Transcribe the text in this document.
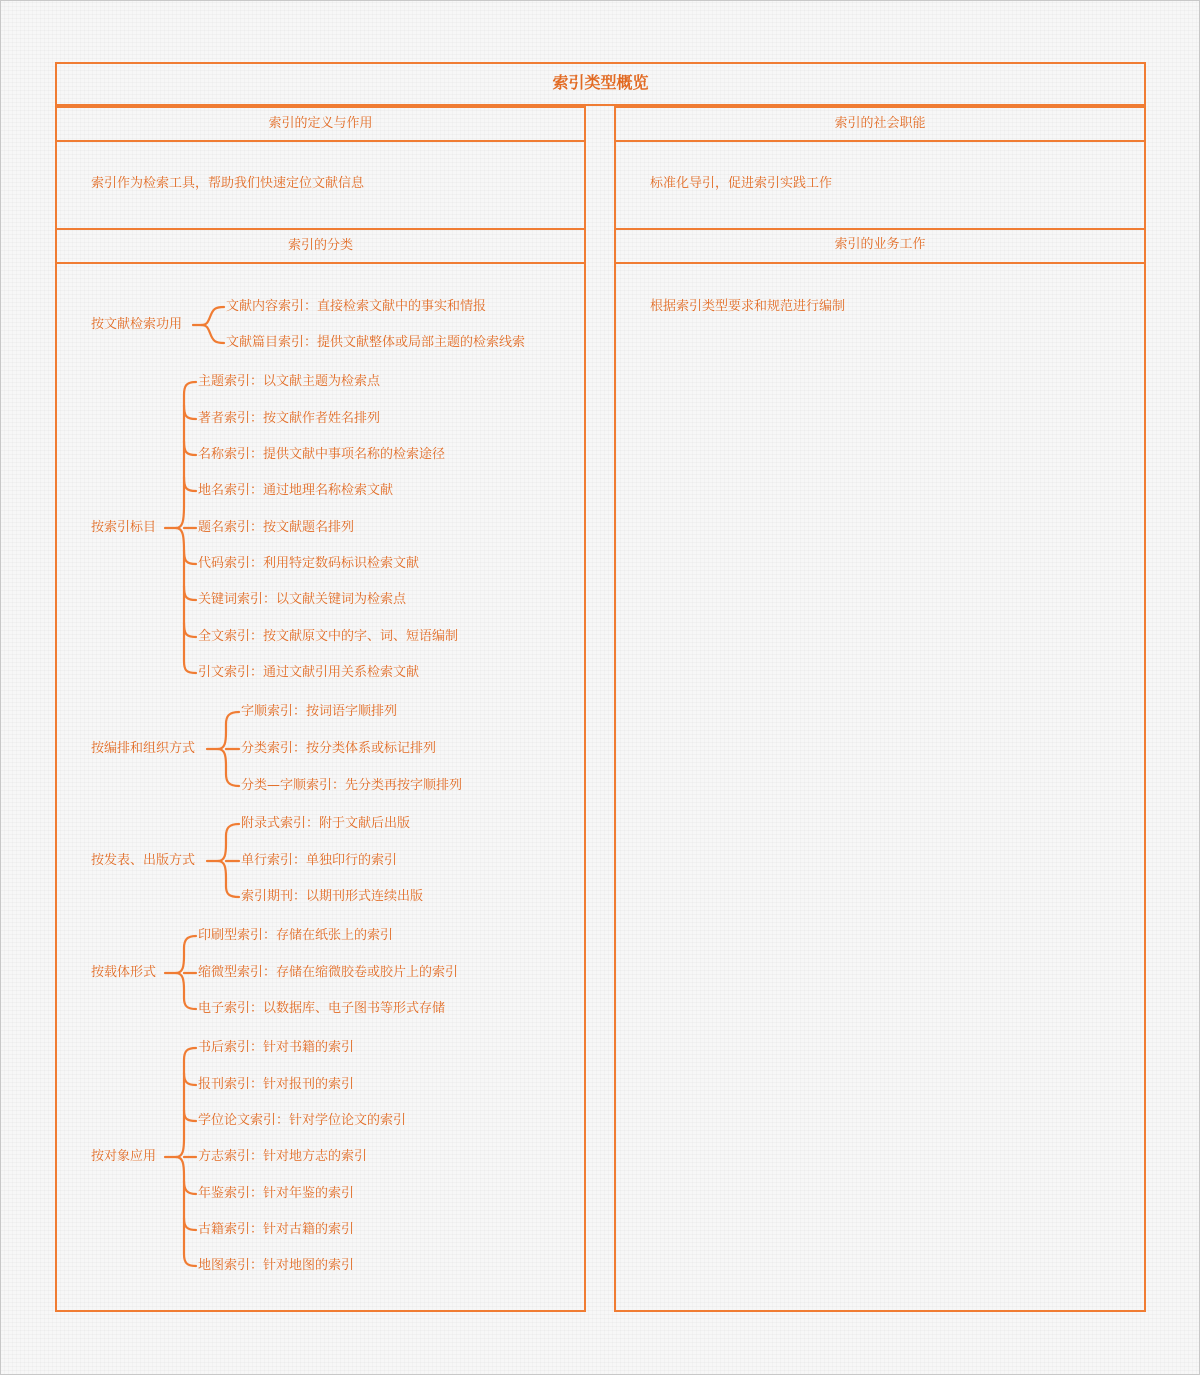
索引类型概览
索引的定义与作用	索引的社会职能
索引的分类	索引的业务工作
索引作为检索工具，帮助我们快速定位文献信息	标准化导引，促进索引实践工作
根据索引类型要求和规范进行编制
按文献检索功用
文献内容索引：直接检索文献中的事实和情报
文献篇目索引：提供文献整体或局部主题的检索线索
按索引标目
主题索引：以文献主题为检索点
著者索引：按文献作者姓名排列
名称索引：提供文献中事项名称的检索途径
地名索引：通过地理名称检索文献
题名索引：按文献题名排列
代码索引：利用特定数码标识检索文献
关键词索引：以文献关键词为检索点
全文索引：按文献原文中的字、词、短语编制
引文索引：通过文献引用关系检索文献
按编排和组织方式
字顺索引：按词语字顺排列
分类索引：按分类体系或标记排列
分类—字顺索引：先分类再按字顺排列
按发表、出版方式
附录式索引：附于文献后出版
单行索引：单独印行的索引
索引期刊：以期刊形式连续出版
按载体形式
印刷型索引：存储在纸张上的索引
缩微型索引：存储在缩微胶卷或胶片上的索引
电子索引：以数据库、电子图书等形式存储
按对象应用
书后索引：针对书籍的索引
报刊索引：针对报刊的索引
学位论文索引：针对学位论文的索引
方志索引：针对地方志的索引
年鉴索引：针对年鉴的索引
古籍索引：针对古籍的索引
地图索引：针对地图的索引
